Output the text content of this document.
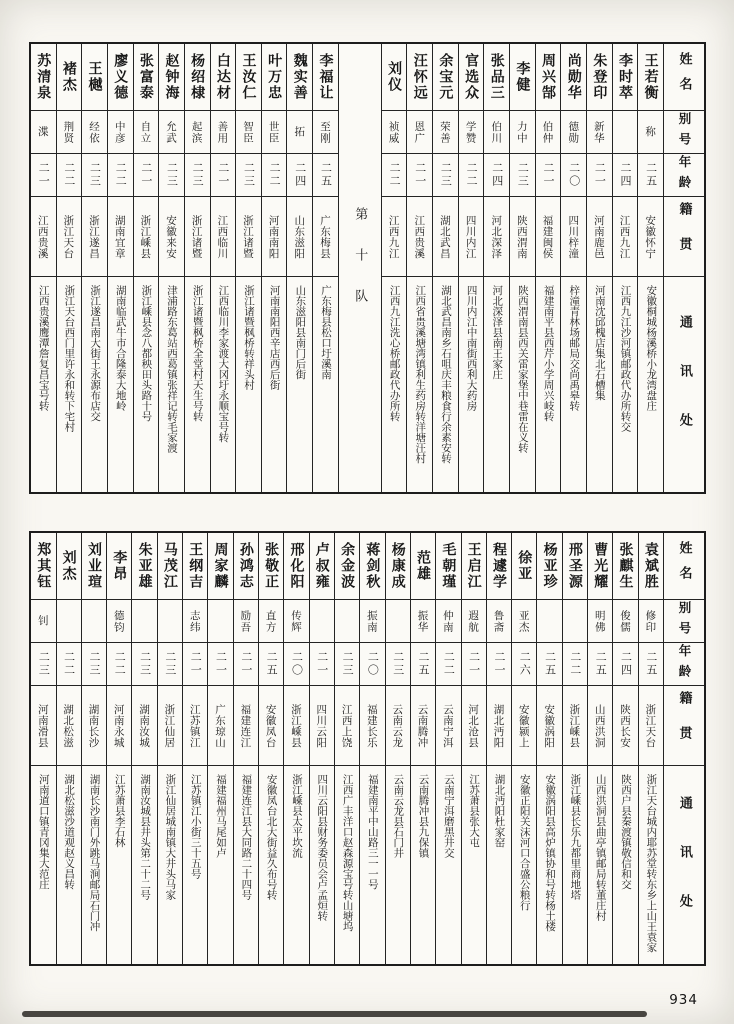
姓名
别号
年龄
籍贯
通讯处
王若衡
称
二五
安徽怀宁
安徽桐城杨溪桥小龙湾盘庄
李时萃
二四
江西九江
江西九江沙河镇邮政代办所转交
朱登印
新华
二一
河南鹿邑
河南沈邱槐店集北石槽集
尚勋华
德勋
二〇
四川梓潼
梓潼青林场邮局交尚禹皋转
周兴郜
伯仲
二一
福建闽侯
福建南平县西芹小学周兴岐转
李健
力中
二三
陕西渭南
陕西渭南县西关雷家堡中巷雷在义转
张品三
伯川
二四
河北深泽
河北深泽县南王家庄
官选众
学赞
二二
四川内江
四川内江中南街西利大药房
余宝元
荣善
二三
湖北武昌
湖北武昌南乡石咀庆丰粮食行余素安转
汪怀远
恩广
二一
江西贵溪
江西省贵溪塘湾镇利生药房转洋塘汪村
刘仪
祯威
二二
江西九江
江西九江洗心桥邮政代办所转
第十队
李福让
至刚
二五
广东梅县
广东梅县松口圩溪南
魏实善
拓
二四
山东滋阳
山东滋阳县南门后街
叶万忠
世臣
二二
河南南阳
河南南阳西辛店西后街
王汝仁
智臣
二三
浙江诸暨
浙江诸暨枫桥转祥头村
白达材
善用
二一
江西临川
江西临川李家渡大冈圩永顺宝号转
杨绍棣
起滨
二三
浙江诸暨
浙江诸暨枫桥全堂村天生号转
赵钟海
允武
二三
安徽来安
津浦路东葛站西葛镇张祥记转毛家渡
张富泰
自立
二一
浙江嵊县
浙江嵊县念八都秧田头路十号
廖义德
中彦
二二
湖南宜章
湖南临武牛市合隆泰大地岭
王樾
经依
二三
浙江遂昌
浙江遂昌南大街王永源布店交
褚杰
荆贤
二二
浙江天台
浙江天台西门里许永和转下宅村
苏清泉
渫
二一
江西贵溪
江西贵溪鹰潭詹复昌宝号转
姓名
别号
年龄
籍贯
通讯处
袁斌胜
修印
二五
浙江天台
浙江天台城内耶苏堂转东乡上山王袁家
张麒生
俊儒
二四
陕西长安
陕西户县秦渡镇敬信和交
曹光耀
明佛
二五
山西洪洞
山西洪洞县曲亭镇邮局转董庄村
邢圣源
二二
浙江嵊县
浙江嵊县长乐九都里商地塔
杨亚珍
二五
安徽涡阳
安徽涡阳县高炉镇协和号转杨土楼
徐亚
亚杰
二六
安徽颍上
安徽正阳关沫河口合盛公粮行
程遽学
鲁斋
二一
湖北沔阳
湖北沔阳杜家窑
王启江
遐航
二一
河北沧县
江苏萧县张大屯
毛朝瑾
仲南
二二
云南宁洱
云南宁洱磨黑井交
范雄
振华
二五
云南腾冲
云南腾冲县九保镇
杨康成
二三
云南云龙
云南云龙县石门井
蒋剑秋
振南
二〇
福建长乐
福建南平中山路三一一号
余金波
二三
江西上饶
江西广丰洋口赵森源宝号转山塘坞
卢叔雍
二一
四川云阳
四川云阳县财务委员会卢孟烜转
邢化阳
传辉
二〇
浙江嵊县
浙江嵊县太平坎流
张敬正
直方
二五
安徽凤台
安徽凤台北大街益久布号转
孙鸿志
励吾
二一
福建连江
福建连江县大同路二十四号
周家麟
二一
广东琼山
福建福州马尾如卢
王纲吉
志纬
二一
江苏镇江
江苏镇江小街三十五号
马茂江
二三
浙江仙居
浙江仙居城南镇大井头马家
朱亚雄
二三
湖南汝城
湖南汝城县井头第二十二号
李昂
德钧
二二
河南永城
江苏萧县李石林
刘业瑄
二三
湖南长沙
湖南长沙南门外跳马涧邮局石门冲
刘杰
二二
湖北松滋
湖北松滋沙道观赵义昌转
郑其钰
钊
二三
河南滑县
河南道口镇青冈集大范庄
934
